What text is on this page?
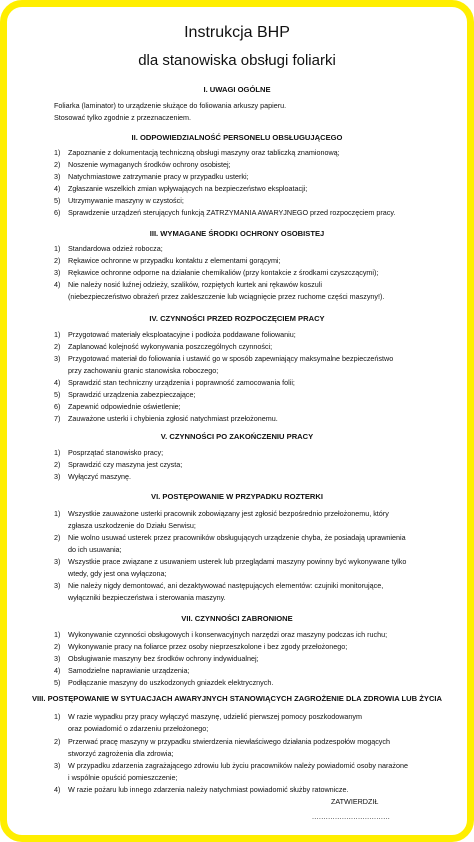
Instrukcja BHP
dla stanowiska obsługi foliarki
I. UWAGI OGÓLNE
Foliarka (laminator) to urządzenie służące do foliowania arkuszy papieru.
Stosować tylko zgodnie z przeznaczeniem.
II. ODPOWIEDZIALNOŚĆ PERSONELU OBSŁUGUJĄCEGO
1)	Zapoznanie z dokumentacją techniczną obsługi maszyny oraz tabliczką znamionową;
2)	Noszenie wymaganych środków ochrony osobistej;
3)	Natychmiastowe zatrzymanie pracy w przypadku usterki;
4)	Zgłaszanie wszelkich zmian wpływających na bezpieczeństwo eksploatacji;
5)	Utrzymywanie maszyny w czystości;
6)	Sprawdzenie urządzeń sterujących funkcją ZATRZYMANIA AWARYJNEGO przed rozpoczęciem pracy.
III. WYMAGANE ŚRODKI OCHRONY OSOBISTEJ
1)	Standardowa odzież robocza;
2)	Rękawice ochronne w przypadku kontaktu z elementami gorącymi;
3)	Rękawice ochronne odporne na działanie chemikaliów (przy kontakcie z środkami czyszczącymi);
4)	Nie należy nosić luźnej odzieży, szalików, rozpiętych kurtek ani rękawów koszuli
(niebezpieczeństwo obrażeń przez zakleszczenie lub wciągnięcie przez ruchome części maszyny!).
IV. CZYNNOŚCI PRZED ROZPOCZĘCIEM PRACY
1)	Przygotować materiały eksploatacyjne i podłoża poddawane foliowaniu;
2)	Zaplanować kolejność wykonywania poszczególnych czynności;
3)	Przygotować materiał do foliowania i ustawić go w sposób zapewniający maksymalne bezpieczeństwo
przy zachowaniu granic stanowiska roboczego;
4)	Sprawdzić stan techniczny urządzenia i poprawność zamocowania folii;
5)	Sprawdzić urządzenia zabezpieczające;
6)	Zapewnić odpowiednie oświetlenie;
7)	Zauważone usterki i chybienia zgłosić natychmiast przełożonemu.
V. CZYNNOŚCI PO ZAKOŃCZENIU PRACY
1)	Posprzątać stanowisko pracy;
2)	Sprawdzić czy maszyna jest czysta;
3)	Wyłączyć maszynę.
VI. POSTĘPOWANIE W PRZYPADKU ROZTERKI
1)	Wszystkie zauważone usterki pracownik zobowiązany jest zgłosić bezpośrednio przełożonemu, który
zgłasza uszkodzenie do Działu Serwisu;
2)	Nie wolno usuwać usterek przez pracowników obsługujących urządzenie chyba, że posiadają uprawnienia
do ich usuwania;
3)	Wszystkie prace związane z usuwaniem usterek lub przeglądami maszyny powinny być wykonywane tylko
wtedy, gdy jest ona wyłączona;
3)	Nie należy nigdy demontować, ani dezaktywować następujących elementów: czujniki monitorujące,
wyłączniki bezpieczeństwa i sterowania maszyny.
VII. CZYNNOŚCI ZABRONIONE
1)	Wykonywanie czynności obsługowych i konserwacyjnych narzędzi oraz maszyny podczas ich ruchu;
2)	Wykonywanie pracy na foliarce przez osoby nieprzeszkolone i bez zgody przełożonego;
3)	Obsługiwanie maszyny bez środków ochrony indywidualnej;
4)	Samodzielne naprawianie urządzenia;
5)	Podłączanie maszyny do uszkodzonych gniazdek elektrycznych.
VIII. POSTĘPOWANIE W SYTUACJACH AWARYJNYCH STANOWIĄCYCH ZAGROŻENIE DLA ZDROWIA LUB ŻYCIA
ZATWIERDZIŁ
..................................
1)	W razie wypadku przy pracy wyłączyć maszynę, udzielić pierwszej pomocy poszkodowanym
oraz powiadomić o zdarzeniu przełożonego;
2)	Przerwać pracę maszyny w przypadku stwierdzenia niewłaściwego działania podzespołów mogących
stworzyć zagrożenia dla zdrowia;
3)	W przypadku zdarzenia zagrażającego zdrowiu lub życiu pracowników należy powiadomić osoby narażone
i wspólnie opuścić pomieszczenie;
4)	W razie pożaru lub innego zdarzenia należy natychmiast powiadomić służby ratownicze.
